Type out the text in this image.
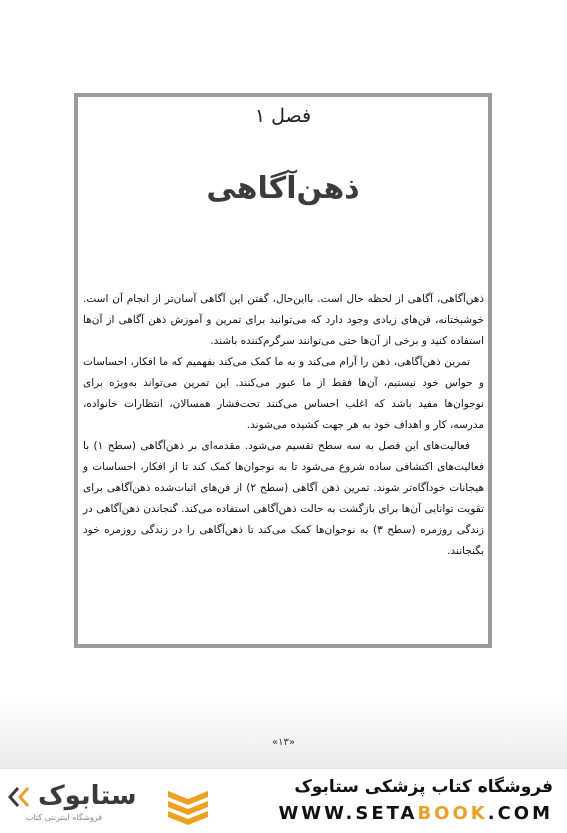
فصل ۱
ذهن‌آگاهی

ذهن‌آگاهی، آگاهی از لحظه حال است. بااین‌حال، گفتن این آگاهی آسان‌تر از انجام آن است. خوشبختانه، فن‌های زیادی وجود دارد که می‌توانید برای تمرین و آموزش ذهن آگاهی از آن‌ها استفاده کنید و برخی از آن‌ها حتی می‌توانند سرگرم‌کننده باشند.

تمرین ذهن‌آگاهی، ذهن را آرام می‌کند و به ما کمک می‌کند بفهمیم که ما افکار، احساسات و حواس خود نیستیم، آن‌ها فقط از ما عبور می‌کنند. این تمرین می‌تواند به‌ویژه برای نوجوان‌ها مفید باشد که اغلب احساس می‌کنند تحت‌فشار همسالان، انتظارات خانواده، مدرسه، کار و اهداف خود به هر جهت کشیده می‌شوند.

فعالیت‌های این فصل به سه سطح تقسیم می‌شود. مقدمه‌ای بر ذهن‌آگاهی (سطح ۱) با فعالیت‌های اکتشافی ساده شروع می‌شود تا به نوجوان‌ها کمک کند تا از افکار، احساسات و هیجانات خودآگاه‌تر شوند. تمرین ذهن آگاهی (سطح ۲) از فن‌های اثبات‌شده ذهن‌آگاهی برای تقویت توانایی آن‌ها برای بازگشت به حالت ذهن‌آگاهی استفاده می‌کند. گنجاندن ذهن‌آگاهی در زندگی روزمره (سطح ۳) به نوجوان‌ها کمک می‌کند تا ذهن‌آگاهی را در زندگی روزمره خود بگنجانند.

«۱۳»
ستابوک
فروشگاه اینترنتی کتاب
فروشگاه کتاب پزشکی ستابوک
WWW.SETABOOK.COM
